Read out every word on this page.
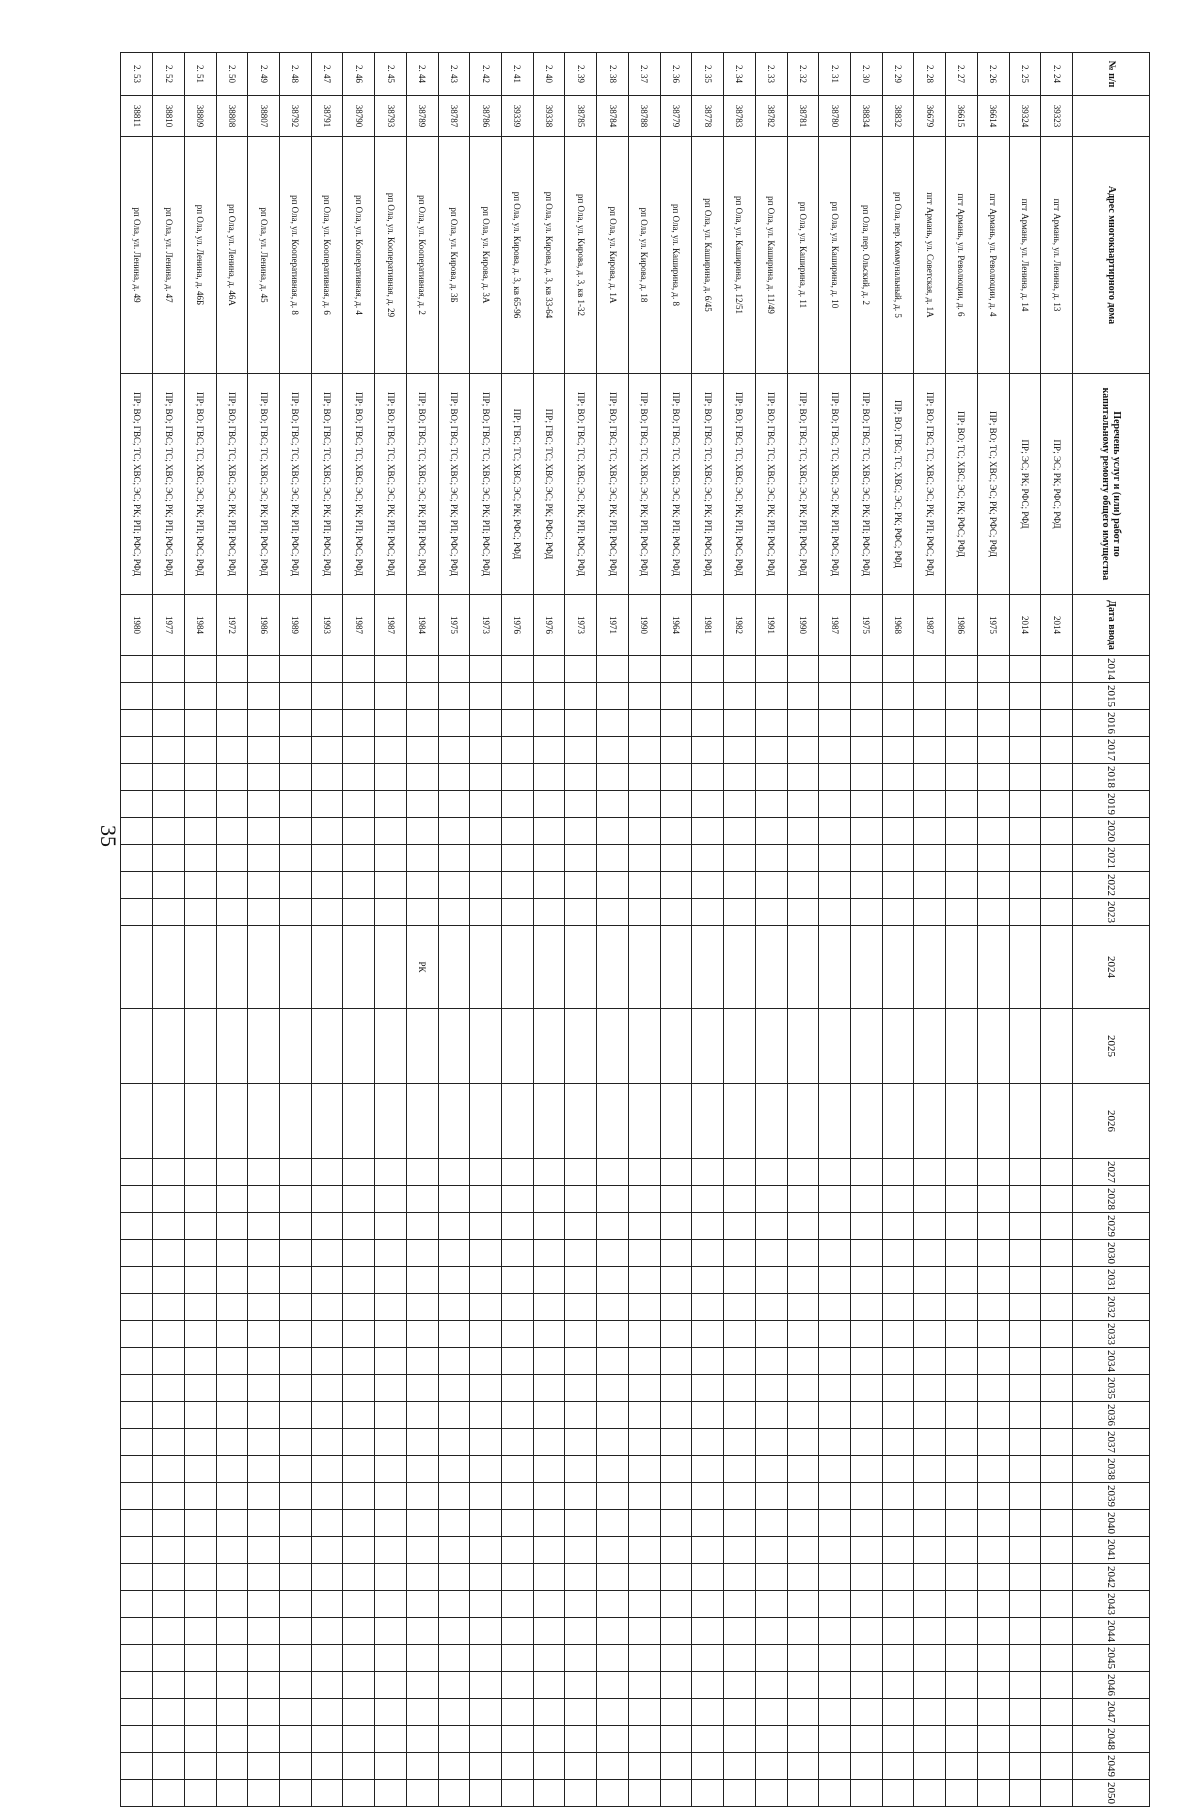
35
№ п/п		Адрес многоквартирного дома	Перечень услуг и (или) работ по капитальному ремонту общего имущества	Дата ввода	2014	2015	2016	2017	2018	2019	2020	2021	2022	2023	2024	2025	2026	2027	2028	2029	2030	2031	2032	2033	2034	2035	2036	2037	2038	2039	2040	2041	2042	2043	2044	2045	2046	2047	2048	2049	2050
2. 24	39323	пгт Армань, ул. Ленина, д. 13	ПР; ЭС; РК; РФС; РФД	2014																																					
2. 25	39324	пгт Армань, ул. Ленина, д. 14	ПР; ЭС; РК; РФС; РФД	2014																																					
2. 26	36614	пгт Армань, ул. Революции, д. 4	ПР; ВО; ТС; ХВС; ЭС; РК; РФС; РФД	1975																																					
2. 27	36615	пгт Армань, ул. Революции, д. 6	ПР; ВО; ТС; ХВС; ЭС; РК; РФС; РФД	1986																																					
2. 28	36679	пгт Армань, ул. Советская, д. 1А	ПР; ВО; ГВС; ТС; ХВС; ЭС; РК; РП; РФС; РФД	1987																																					
2. 29	38832	рп Ола, пер. Коммунальный, д. 5	ПР; ВО; ГВС; ТС; ХВС; ЭС; РК; РФС; РФД	1968																																					
2. 30	38834	рп Ола, пер. Ольский, д. 2	ПР; ВО; ГВС; ТС; ХВС; ЭС; РК; РП; РФС; РФД	1975																																					
2. 31	38780	рп Ола, ул. Каширина, д. 10	ПР; ВО; ГВС; ТС; ХВС; ЭС; РК; РП; РФС; РФД	1987																																					
2. 32	38781	рп Ола, ул. Каширина, д. 11	ПР; ВО; ГВС; ТС; ХВС; ЭС; РК; РП; РФС; РФД	1990																																					
2. 33	38782	рп Ола, ул. Каширина, д. 11/49	ПР; ВО; ГВС; ТС; ХВС; ЭС; РК; РП; РФС; РФД	1991																																					
2. 34	38783	рп Ола, ул. Каширина, д. 12/51	ПР; ВО; ГВС; ТС; ХВС; ЭС; РК; РП; РФС; РФД	1982																																					
2. 35	38778	рп Ола, ул. Каширина, д. 6/45	ПР; ВО; ГВС; ТС; ХВС; ЭС; РК; РП; РФС; РФД	1981																																					
2. 36	38779	рп Ола, ул. Каширина, д. 8	ПР; ВО; ГВС; ТС; ХВС; ЭС; РК; РП; РФС; РФД	1964																																					
2. 37	38788	рп Ола, ул. Кирова, д. 18	ПР; ВО; ГВС; ТС; ХВС; ЭС; РК; РП; РФС; РФД	1990																																					
2. 38	38784	рп Ола, ул. Кирова, д. 1А	ПР; ВО; ГВС; ТС; ХВС; ЭС; РК; РП; РФС; РФД	1971																																					
2. 39	38785	рп Ола, ул. Кирова, д. 3, кв 1-32	ПР; ВО; ГВС; ТС; ХВС; ЭС; РК; РП; РФС; РФД	1973																																					
2. 40	39338	рп Ола, ул. Кирова, д. 3, кв 33-64	ПР; ГВС; ТС; ХВС; ЭС; РК; РФС; РФД	1976																																					
2. 41	39339	рп Ола, ул. Кирова, д. 3, кв 65-96	ПР; ГВС; ТС; ХВС; ЭС; РК; РФС; РФД	1976																																					
2. 42	38786	рп Ола, ул. Кирова, д. 3А	ПР; ВО; ГВС; ТС; ХВС; ЭС; РК; РП; РФС; РФД	1973																																					
2. 43	38787	рп Ола, ул. Кирова, д. 3Б	ПР; ВО; ГВС; ТС; ХВС; ЭС; РК; РП; РФС; РФД	1975																																					
2. 44	38789	рп Ола, ул. Кооперативная, д. 2	ПР; ВО; ГВС; ТС; ХВС; ЭС; РК; РП; РФС; РФД	1984											РК																										
2. 45	38793	рп Ола, ул. Кооперативная, д. 29	ПР; ВО; ГВС; ТС; ХВС; ЭС; РК; РП; РФС; РФД	1987																																					
2. 46	38790	рп Ола, ул. Кооперативная, д. 4	ПР; ВО; ГВС; ТС; ХВС; ЭС; РК; РП; РФС; РФД	1987																																					
2. 47	38791	рп Ола, ул. Кооперативная, д. 6	ПР; ВО; ГВС; ТС; ХВС; ЭС; РК; РП; РФС; РФД	1993																																					
2. 48	38792	рп Ола, ул. Кооперативная, д. 8	ПР; ВО; ГВС; ТС; ХВС; ЭС; РК; РП; РФС; РФД	1989																																					
2. 49	38807	рп Ола, ул. Ленина, д. 45	ПР; ВО; ГВС; ТС; ХВС; ЭС; РК; РП; РФС; РФД	1986																																					
2. 50	38808	рп Ола, ул. Ленина, д. 46А	ПР; ВО; ГВС; ТС; ХВС; ЭС; РК; РП; РФС; РФД	1972																																					
2. 51	38809	рп Ола, ул. Ленина, д. 46Б	ПР; ВО; ГВС; ТС; ХВС; ЭС; РК; РП; РФС; РФД	1984																																					
2. 52	38810	рп Ола, ул. Ленина, д. 47	ПР; ВО; ГВС; ТС; ХВС; ЭС; РК; РП; РФС; РФД	1977																																					
2. 53	38811	рп Ола, ул. Ленина, д. 49	ПР; ВО; ГВС; ТС; ХВС; ЭС; РК; РП; РФС; РФД	1980																																					
